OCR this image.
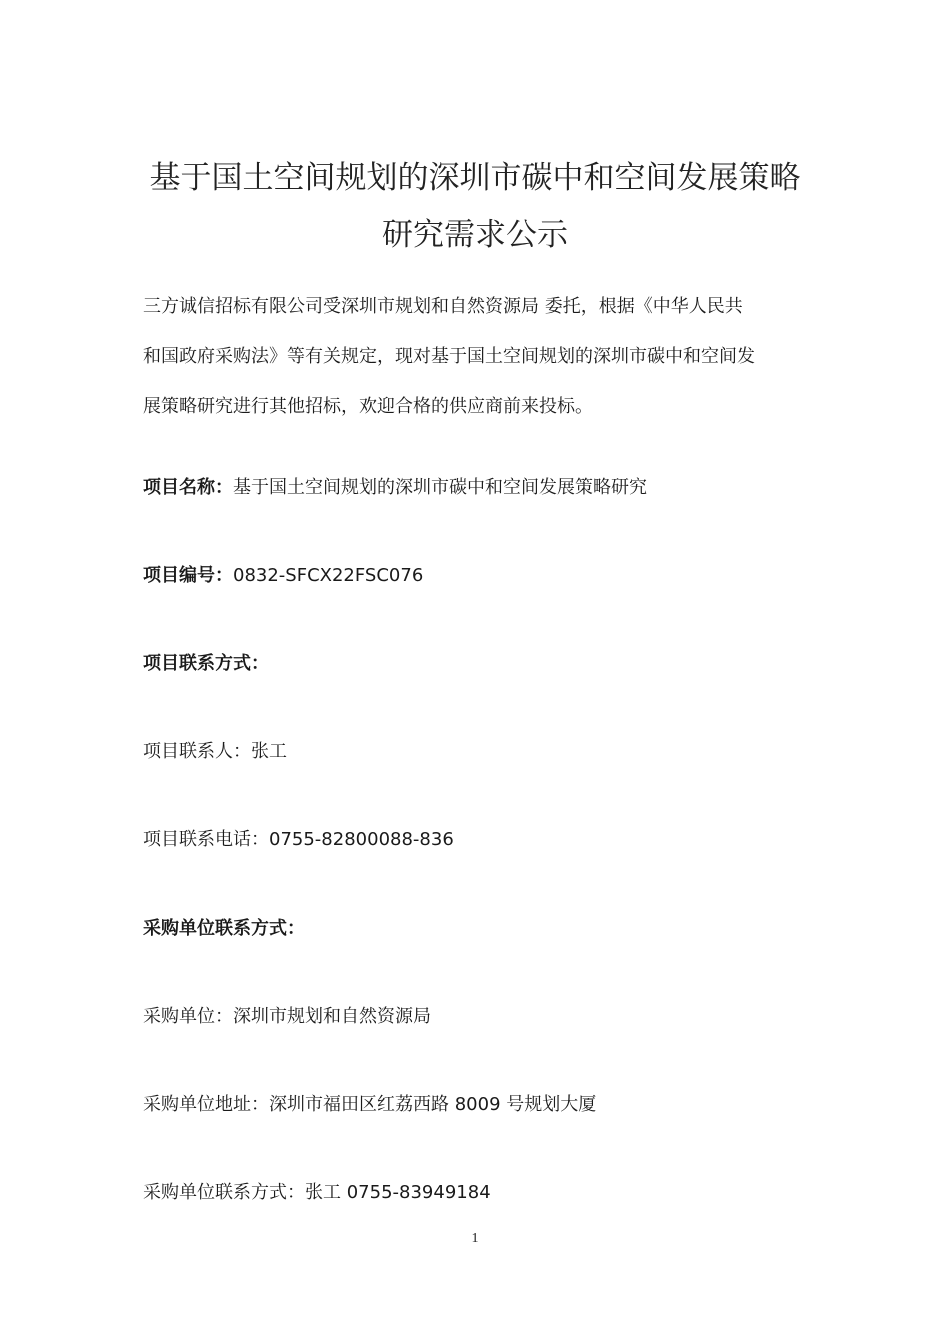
基于国土空间规划的深圳市碳中和空间发展策略
研究需求公示
三方诚信招标有限公司受深圳市规划和自然资源局 委托，根据《中华人民共
和国政府采购法》等有关规定，现对基于国土空间规划的深圳市碳中和空间发
展策略研究进行其他招标，欢迎合格的供应商前来投标。
项目名称：基于国土空间规划的深圳市碳中和空间发展策略研究
项目编号：0832-SFCX22FSC076
项目联系方式：
项目联系人：张工
项目联系电话：0755-82800088-836
采购单位联系方式：
采购单位：深圳市规划和自然资源局
采购单位地址：深圳市福田区红荔西路 8009 号规划大厦
采购单位联系方式：张工 0755-83949184
1
